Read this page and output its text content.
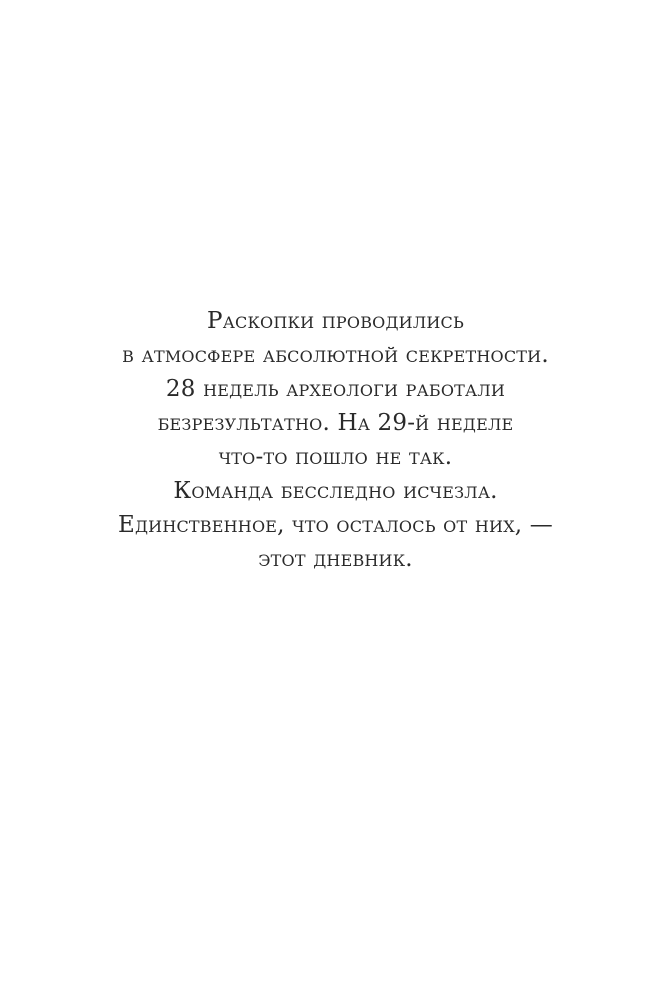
Раскопки проводились
в атмосфере абсолютной секретности.
28 недель археологи работали
безрезультатно. На 29-й неделе
что-то пошло не так.
Команда бесследно исчезла.
Единственное, что осталось от них, —
этот дневник.
